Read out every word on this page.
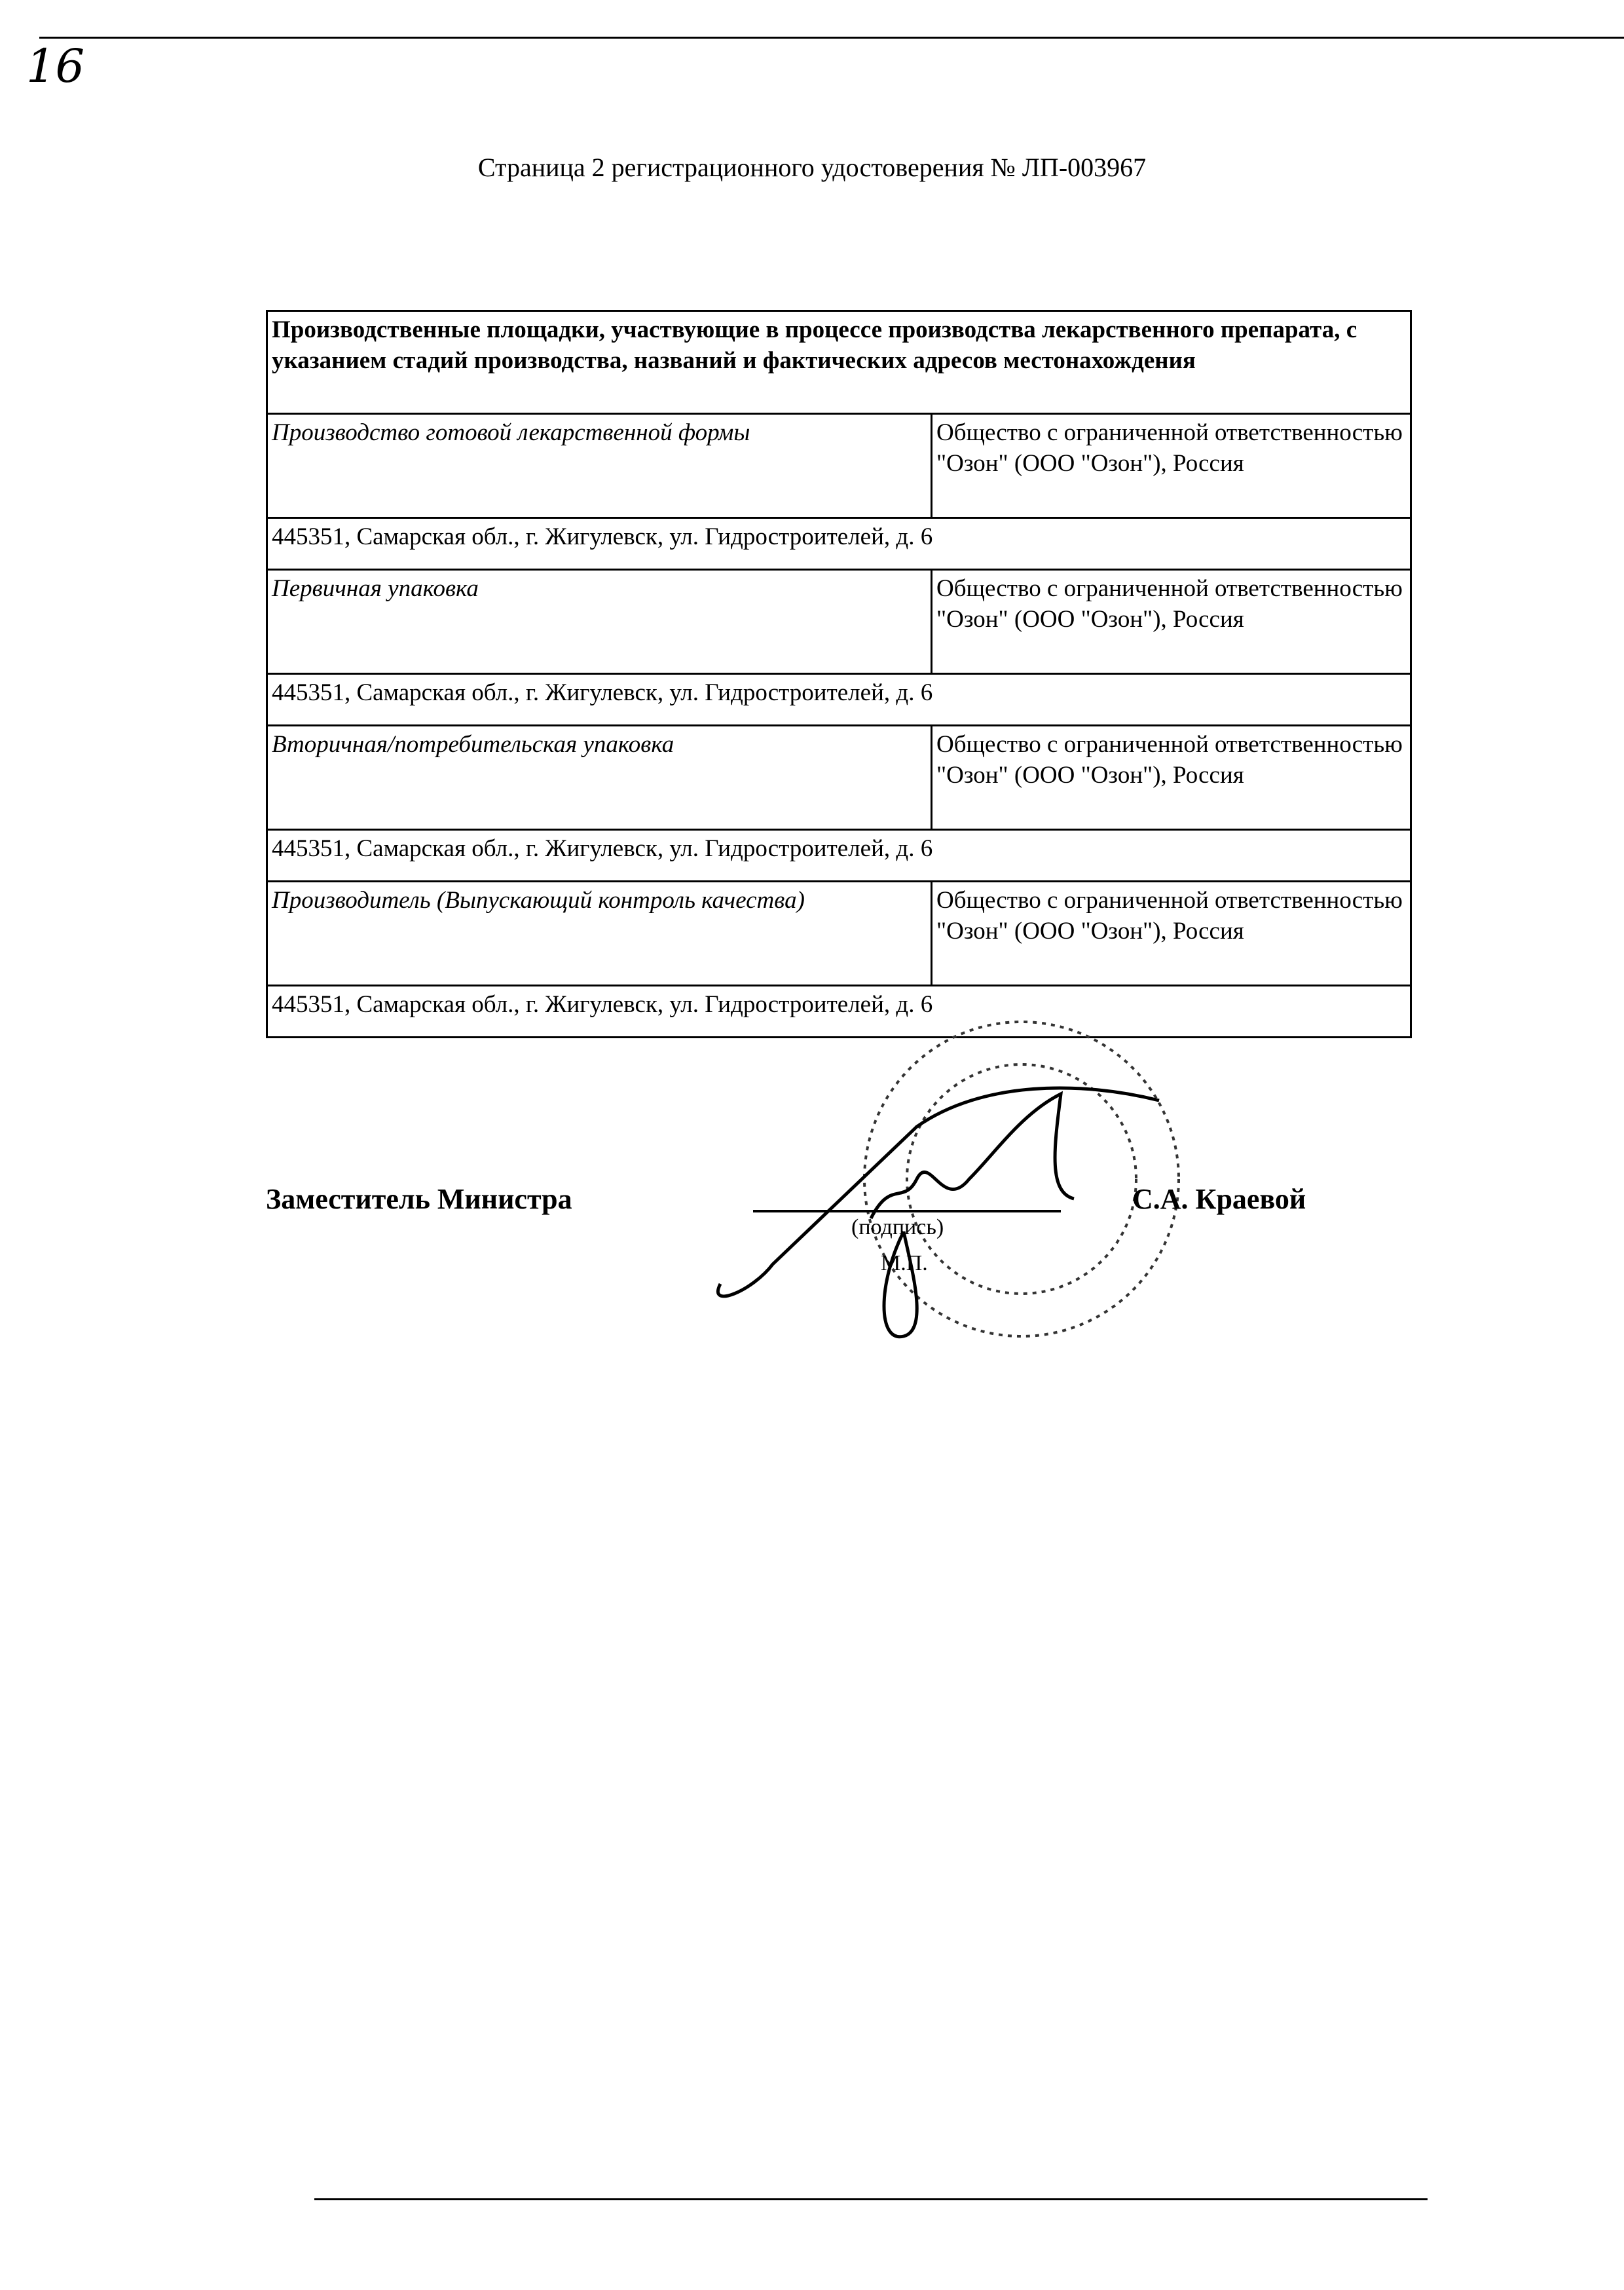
16
Страница 2 регистрационного удостоверения № ЛП-003967
Производственные площадки, участвующие в процессе производства лекарственного препарата, с указанием стадий производства, названий и фактических адресов местонахождения	
Производство готовой лекарственной формы	Общество с ограниченной ответственностью "Озон" (ООО "Озон"), Россия
445351, Самарская обл., г. Жигулевск, ул. Гидростроителей, д. 6	
Первичная упаковка	Общество с ограниченной ответственностью "Озон" (ООО "Озон"), Россия
445351, Самарская обл., г. Жигулевск, ул. Гидростроителей, д. 6	
Вторичная/потребительская упаковка	Общество с ограниченной ответственностью "Озон" (ООО "Озон"), Россия
445351, Самарская обл., г. Жигулевск, ул. Гидростроителей, д. 6	
Производитель (Выпускающий контроль качества)	Общество с ограниченной ответственностью "Озон" (ООО "Озон"), Россия
445351, Самарская обл., г. Жигулевск, ул. Гидростроителей, д. 6	
Заместитель Министра	С.А. Краевой
(подпись)
М.П.
